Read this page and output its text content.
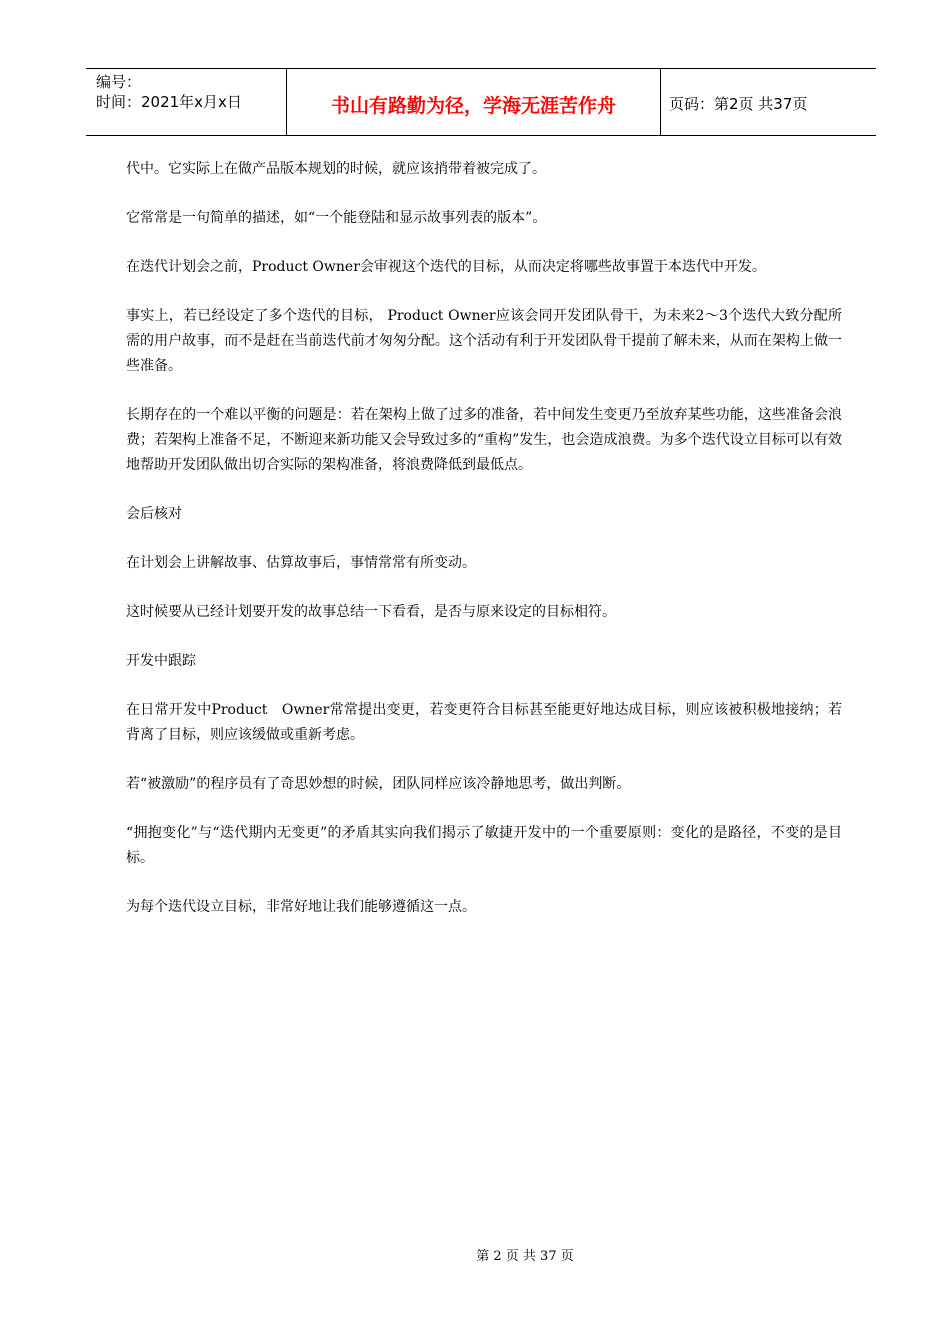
编号：
时间：2021年x月x日	书山有路勤为径，学海无涯苦作舟	页码：第2页 共37页

代中。它实际上在做产品版本规划的时候，就应该捎带着被完成了。

它常常是一句简单的描述，如“一个能登陆和显示故事列表的版本”。

在迭代计划会之前，Product Owner会审视这个迭代的目标，从而决定将哪些故事置于本迭代中开发。

事实上，若已经设定了多个迭代的目标， Product Owner应该会同开发团队骨干，为未来2～3个迭代大致分配所需的用户故事，而不是赶在当前迭代前才匆匆分配。这个活动有利于开发团队骨干提前了解未来，从而在架构上做一些准备。

长期存在的一个难以平衡的问题是：若在架构上做了过多的准备，若中间发生变更乃至放弃某些功能，这些准备会浪费；若架构上准备不足，不断迎来新功能又会导致过多的“重构”发生，也会造成浪费。为多个迭代设立目标可以有效地帮助开发团队做出切合实际的架构准备，将浪费降低到最低点。

会后核对

在计划会上讲解故事、估算故事后，事情常常有所变动。

这时候要从已经计划要开发的故事总结一下看看，是否与原来设定的目标相符。

开发中跟踪

在日常开发中Product　Owner常常提出变更，若变更符合目标甚至能更好地达成目标，则应该被积极地接纳；若背离了目标，则应该缓做或重新考虑。

若“被激励”的程序员有了奇思妙想的时候，团队同样应该冷静地思考，做出判断。

“拥抱变化”与“迭代期内无变更”的矛盾其实向我们揭示了敏捷开发中的一个重要原则：变化的是路径，不变的是目标。

为每个迭代设立目标，非常好地让我们能够遵循这一点。

第 2 页 共 37 页
